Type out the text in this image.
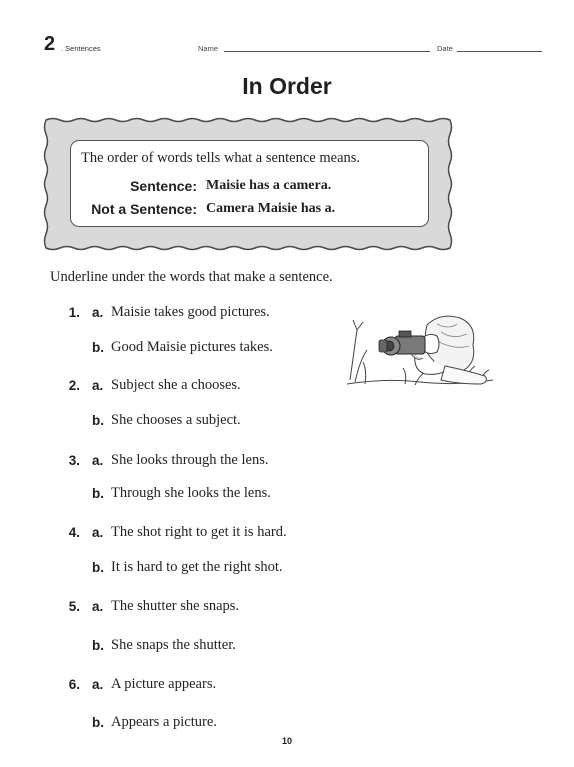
2 . Sentences	Name	Date
In Order
The order of words tells what a sentence means.
Sentence: Maisie has a camera.
Not a Sentence: Camera Maisie has a.
Underline under the words that make a sentence.
1. a. Maisie takes good pictures.
b. Good Maisie pictures takes.
2. a. Subject she a chooses.
b. She chooses a subject.
3. a. She looks through the lens.
b. Through she looks the lens.
4. a. The shot right to get it is hard.
b. It is hard to get the right shot.
5. a. The shutter she snaps.
b. She snaps the shutter.
6. a. A picture appears.
b. Appears a picture.
10
